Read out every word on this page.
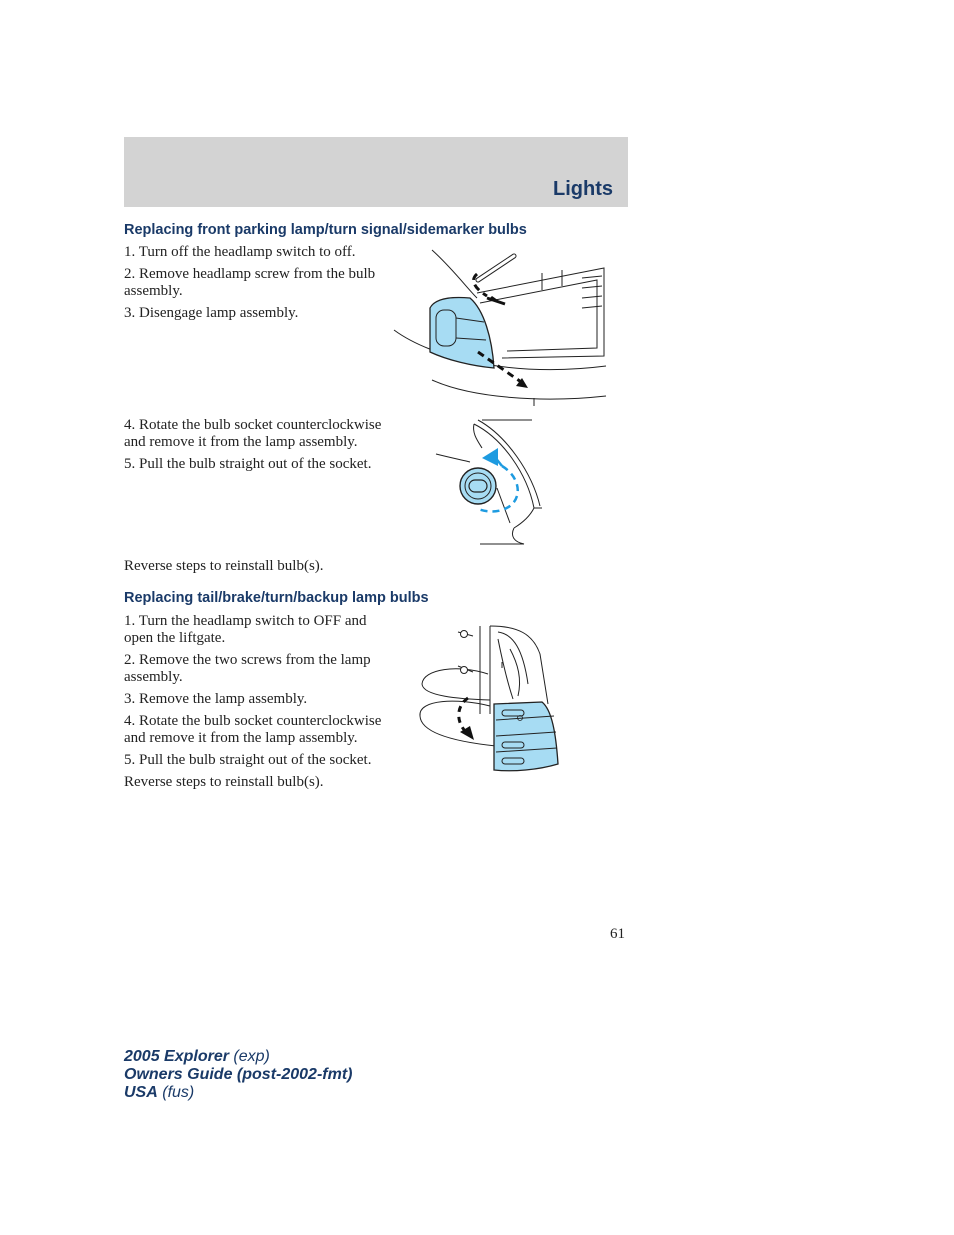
Lights
Replacing front parking lamp/turn signal/sidemarker bulbs

1. Turn off the headlamp switch to off.

2. Remove headlamp screw from the bulb assembly.

3. Disengage lamp assembly.

4. Rotate the bulb socket counterclockwise and remove it from the lamp assembly.

5. Pull the bulb straight out of the socket.

Reverse steps to reinstall bulb(s).
Replacing tail/brake/turn/backup lamp bulbs

1. Turn the headlamp switch to OFF and open the liftgate.

2. Remove the two screws from the lamp assembly.

3. Remove the lamp assembly.

4. Rotate the bulb socket counterclockwise and remove it from the lamp assembly.

5. Pull the bulb straight out of the socket.

Reverse steps to reinstall bulb(s).

61
2005 Explorer (exp)
Owners Guide (post-2002-fmt)
USA (fus)
